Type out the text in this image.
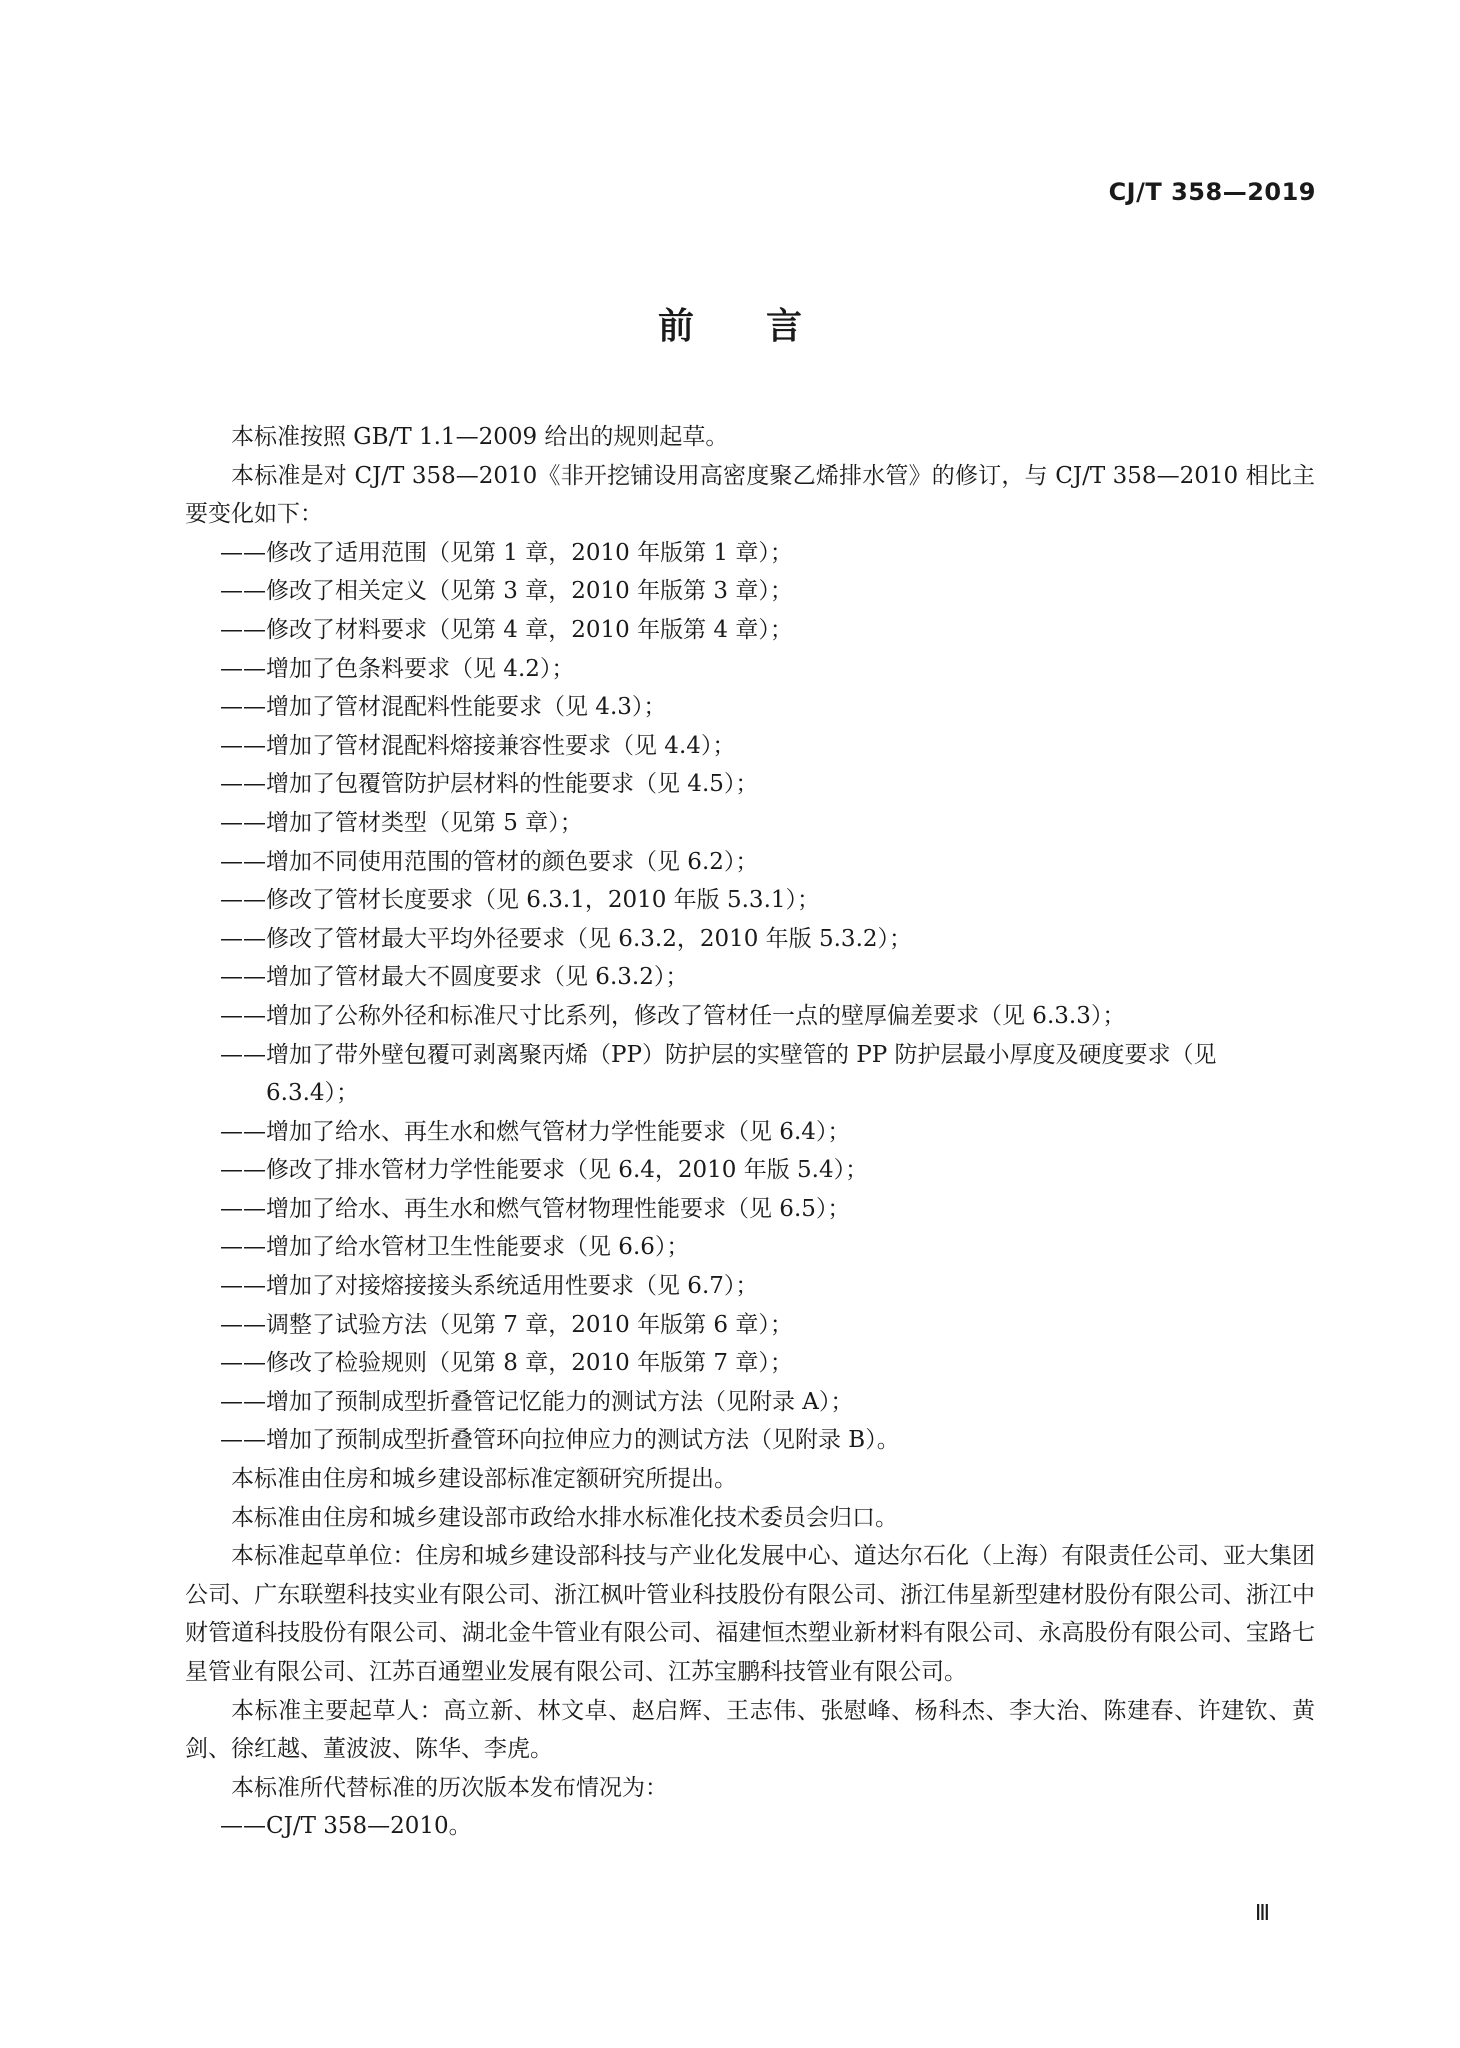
CJ/T 358—2019
前 言

本标准按照 GB/T 1.1—2009 给出的规则起草。

本标准是对 CJ/T 358—2010《非开挖铺设用高密度聚乙烯排水管》的修订，与 CJ/T 358—2010 相比主要变化如下：

——修改了适用范围（见第 1 章，2010 年版第 1 章）；

——修改了相关定义（见第 3 章，2010 年版第 3 章）；

——修改了材料要求（见第 4 章，2010 年版第 4 章）；

——增加了色条料要求（见 4.2）；

——增加了管材混配料性能要求（见 4.3）；

——增加了管材混配料熔接兼容性要求（见 4.4）；

——增加了包覆管防护层材料的性能要求（见 4.5）；

——增加了管材类型（见第 5 章）；

——增加不同使用范围的管材的颜色要求（见 6.2）；

——修改了管材长度要求（见 6.3.1，2010 年版 5.3.1）；

——修改了管材最大平均外径要求（见 6.3.2，2010 年版 5.3.2）；

——增加了管材最大不圆度要求（见 6.3.2）；

——增加了公称外径和标准尺寸比系列，修改了管材任一点的壁厚偏差要求（见 6.3.3）；

——增加了带外壁包覆可剥离聚丙烯（PP）防护层的实壁管的 PP 防护层最小厚度及硬度要求（见 6.3.4）；

——增加了给水、再生水和燃气管材力学性能要求（见 6.4）；

——修改了排水管材力学性能要求（见 6.4，2010 年版 5.4）；

——增加了给水、再生水和燃气管材物理性能要求（见 6.5）；

——增加了给水管材卫生性能要求（见 6.6）；

——增加了对接熔接接头系统适用性要求（见 6.7）；

——调整了试验方法（见第 7 章，2010 年版第 6 章）；

——修改了检验规则（见第 8 章，2010 年版第 7 章）；

——增加了预制成型折叠管记忆能力的测试方法（见附录 A）；

——增加了预制成型折叠管环向拉伸应力的测试方法（见附录 B）。

本标准由住房和城乡建设部标准定额研究所提出。

本标准由住房和城乡建设部市政给水排水标准化技术委员会归口。

本标准起草单位：住房和城乡建设部科技与产业化发展中心、道达尔石化（上海）有限责任公司、亚大集团公司、广东联塑科技实业有限公司、浙江枫叶管业科技股份有限公司、浙江伟星新型建材股份有限公司、浙江中财管道科技股份有限公司、湖北金牛管业有限公司、福建恒杰塑业新材料有限公司、永高股份有限公司、宝路七星管业有限公司、江苏百通塑业发展有限公司、江苏宝鹏科技管业有限公司。

本标准主要起草人：高立新、林文卓、赵启辉、王志伟、张慰峰、杨科杰、李大治、陈建春、许建钦、黄剑、徐红越、董波波、陈华、李虎。

本标准所代替标准的历次版本发布情况为：

——CJ/T 358—2010。

Ⅲ
